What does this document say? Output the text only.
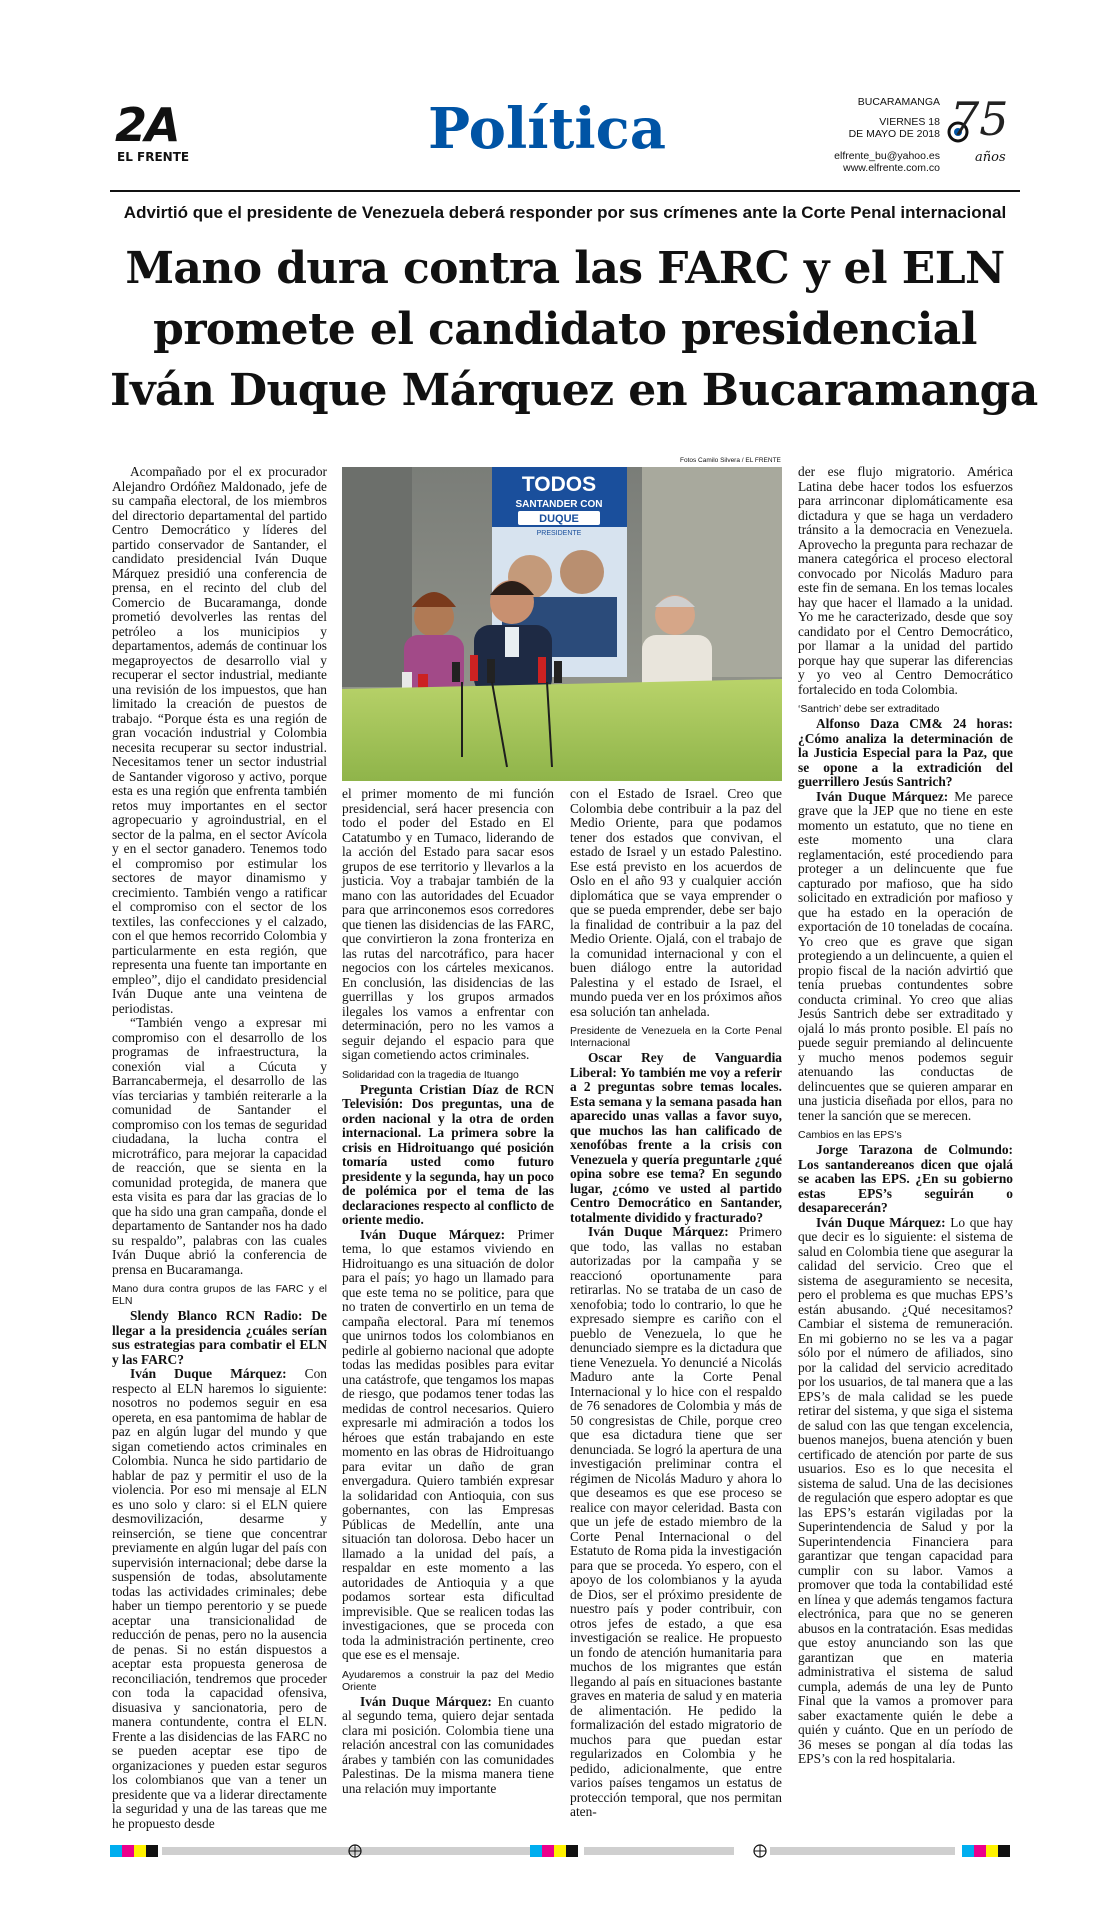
2A
EL FRENTE	Política	BUCARAMANGA
VIERNES 18
DE MAYO DE 2018
elfrente_bu@yahoo.es
www.elfrente.com.co
75
años
Advirtió que el presidente de Venezuela deberá responder por sus crímenes ante la Corte Penal internacional
Mano dura contra las FARC y el ELN
promete el candidato presidencial
Iván Duque Márquez en Bucaramanga
Fotos Camilo Silvera / EL FRENTE
TODOS
SANTANDER CON
DUQUE
PRESIDENTE

Acompañado por el ex procurador Alejandro Ordóñez Maldonado, jefe de su campaña electoral, de los miembros del directorio departamental del partido Centro Democrático y líderes del partido conservador de Santander, el candidato presidencial Iván Duque Márquez presidió una conferencia de prensa, en el recinto del club del Comercio de Bucaramanga, donde prometió devolverles las rentas del petróleo a los municipios y departamentos, además de continuar los megaproyectos de desarrollo vial y recuperar el sector industrial, mediante una revisión de los impuestos, que han limitado la creación de puestos de trabajo. “Porque ésta es una región de gran vocación industrial y Colombia necesita recuperar su sector industrial. Necesitamos tener un sector industrial de Santander vigoroso y activo, porque esta es una región que enfrenta también retos muy importantes en el sector agropecuario y agroindustrial, en el sector de la palma, en el sector Avícola y en el sector ganadero. Tenemos todo el compromiso por estimular los sectores de mayor dinamismo y crecimiento. También vengo a ratificar el compromiso con el sector de los textiles, las confecciones y el calzado, con el que hemos recorrido Colombia y particularmente en esta región, que representa una fuente tan importante en empleo”, dijo el candidato presidencial Iván Duque ante una veintena de periodistas.

“También vengo a expresar mi compromiso con el desarrollo de los programas de infraestructura, la conexión vial a Cúcuta y Barrancabermeja, el desarrollo de las vías terciarias y también reiterarle a la comunidad de Santander el compromiso con los temas de seguridad ciudadana, la lucha contra el microtráfico, para mejorar la capacidad de reacción, que se sienta en la comunidad protegida, de manera que esta visita es para dar las gracias de lo que ha sido una gran campaña, donde el departamento de Santander nos ha dado su respaldo”, palabras con las cuales Iván Duque abrió la conferencia de prensa en Bucaramanga.

Mano dura contra grupos de las FARC y el ELN

Slendy Blanco RCN Radio: De llegar a la presidencia ¿cuáles serían sus estrategias para combatir el ELN y las FARC?

Iván Duque Márquez: Con respecto al ELN haremos lo siguiente: nosotros no podemos seguir en esa opereta, en esa pantomima de hablar de paz en algún lugar del mundo y que sigan cometiendo actos criminales en Colombia. Nunca he sido partidario de hablar de paz y permitir el uso de la violencia. Por eso mi mensaje al ELN es uno solo y claro: si el ELN quiere desmovilización, desarme y reinserción, se tiene que concentrar previamente en algún lugar del país con supervisión internacional; debe darse la suspensión de todas, absolutamente todas las actividades criminales; debe haber un tiempo perentorio y se puede aceptar una transicionalidad de reducción de penas, pero no la ausencia de penas. Si no están dispuestos a aceptar esta propuesta generosa de reconciliación, tendremos que proceder con toda la capacidad ofensiva, disuasiva y sancionatoria, pero de manera contundente, contra el ELN. Frente a las disidencias de las FARC no se pueden aceptar ese tipo de organizaciones y pueden estar seguros los colombianos que van a tener un presidente que va a liderar directamente la seguridad y una de las tareas que me he propuesto desde

el primer momento de mi función presidencial, será hacer presencia con todo el poder del Estado en El Catatumbo y en Tumaco, liderando de la acción del Estado para sacar esos grupos de ese territorio y llevarlos a la justicia. Voy a trabajar también de la mano con las autoridades del Ecuador para que arrinconemos esos corredores que tienen las disidencias de las FARC, que convirtieron la zona fronteriza en las rutas del narcotráfico, para hacer negocios con los cárteles mexicanos. En conclusión, las disidencias de las guerrillas y los grupos armados ilegales los vamos a enfrentar con determinación, pero no les vamos a seguir dejando el espacio para que sigan cometiendo actos criminales.

Solidaridad con la tragedia de Ituango

Pregunta Cristian Díaz de RCN Televisión: Dos preguntas, una de orden nacional y la otra de orden internacional. La primera sobre la crisis en Hidroituango qué posición tomaría usted como futuro presidente y la segunda, hay un poco de polémica por el tema de las declaraciones respecto al conflicto de oriente medio.

Iván Duque Márquez: Primer tema, lo que estamos viviendo en Hidroituango es una situación de dolor para el país; yo hago un llamado para que este tema no se politice, para que no traten de convertirlo en un tema de campaña electoral. Para mí tenemos que unirnos todos los colombianos en pedirle al gobierno nacional que adopte todas las medidas posibles para evitar una catástrofe, que tengamos los mapas de riesgo, que podamos tener todas las medidas de control necesarios. Quiero expresarle mi admiración a todos los héroes que están trabajando en este momento en las obras de Hidroituango para evitar un daño de gran envergadura. Quiero también expresar la solidaridad con Antioquia, con sus gobernantes, con las Empresas Públicas de Medellín, ante una situación tan dolorosa. Debo hacer un llamado a la unidad del país, a respaldar en este momento a las autoridades de Antioquia y a que podamos sortear esta dificultad imprevisible. Que se realicen todas las investigaciones, que se proceda con toda la administración pertinente, creo que ese es el mensaje.

Ayudaremos a construir la paz del Medio Oriente

Iván Duque Márquez: En cuanto al segundo tema, quiero dejar sentada clara mi posición. Colombia tiene una relación ancestral con las comunidades árabes y también con las comunidades Palestinas. De la misma manera tiene una relación muy importante

con el Estado de Israel. Creo que Colombia debe contribuir a la paz del Medio Oriente, para que podamos tener dos estados que convivan, el estado de Israel y un estado Palestino. Ese está previsto en los acuerdos de Oslo en el año 93 y cualquier acción diplomática que se vaya emprender o que se pueda emprender, debe ser bajo la finalidad de contribuir a la paz del Medio Oriente. Ojalá, con el trabajo de la comunidad internacional y con el buen diálogo entre la autoridad Palestina y el estado de Israel, el mundo pueda ver en los próximos años esa solución tan anhelada.

Presidente de Venezuela en la Corte Penal Internacional

Oscar Rey de Vanguardia Liberal: Yo también me voy a referir a 2 preguntas sobre temas locales. Esta semana y la semana pasada han aparecido unas vallas a favor suyo, que muchos las han calificado de xenofóbas frente a la crisis con Venezuela y quería preguntarle ¿qué opina sobre ese tema? En segundo lugar, ¿cómo ve usted al partido Centro Democrático en Santander, totalmente dividido y fracturado?

Iván Duque Márquez: Primero que todo, las vallas no estaban autorizadas por la campaña y se reaccionó oportunamente para retirarlas. No se trataba de un caso de xenofobia; todo lo contrario, lo que he expresado siempre es cariño con el pueblo de Venezuela, lo que he denunciado siempre es la dictadura que tiene Venezuela. Yo denuncié a Nicolás Maduro ante la Corte Penal Internacional y lo hice con el respaldo de 76 senadores de Colombia y más de 50 congresistas de Chile, porque creo que esa dictadura tiene que ser denunciada. Se logró la apertura de una investigación preliminar contra el régimen de Nicolás Maduro y ahora lo que deseamos es que ese proceso se realice con mayor celeridad. Basta con que un jefe de estado miembro de la Corte Penal Internacional o del Estatuto de Roma pida la investigación para que se proceda. Yo espero, con el apoyo de los colombianos y la ayuda de Dios, ser el próximo presidente de nuestro país y poder contribuir, con otros jefes de estado, a que esa investigación se realice. He propuesto un fondo de atención humanitaria para muchos de los migrantes que están llegando al país en situaciones bastante graves en materia de salud y en materia de alimentación. He pedido la formalización del estado migratorio de muchos para que puedan estar regularizados en Colombia y he pedido, adicionalmente, que entre varios países tengamos un estatus de protección temporal, que nos permitan aten-

der ese flujo migratorio. América Latina debe hacer todos los esfuerzos para arrinconar diplomáticamente esa dictadura y que se haga un verdadero tránsito a la democracia en Venezuela. Aprovecho la pregunta para rechazar de manera categórica el proceso electoral convocado por Nicolás Maduro para este fin de semana. En los temas locales hay que hacer el llamado a la unidad. Yo me he caracterizado, desde que soy candidato por el Centro Democrático, por llamar a la unidad del partido porque hay que superar las diferencias y yo veo al Centro Democrático fortalecido en toda Colombia.

‘Santrich’ debe ser extraditado

Alfonso Daza CM& 24 horas: ¿Cómo analiza la determinación de la Justicia Especial para la Paz, que se opone a la extradición del guerrillero Jesús Santrich?

Iván Duque Márquez: Me parece grave que la JEP que no tiene en este momento un estatuto, que no tiene en este momento una clara reglamentación, esté procediendo para proteger a un delincuente que fue capturado por mafioso, que ha sido solicitado en extradición por mafioso y que ha estado en la operación de exportación de 10 toneladas de cocaína. Yo creo que es grave que sigan protegiendo a un delincuente, a quien el propio fiscal de la nación advirtió que tenía pruebas contundentes sobre conducta criminal. Yo creo que alias Jesús Santrich debe ser extraditado y ojalá lo más pronto posible. El país no puede seguir premiando al delincuente y mucho menos podemos seguir atenuando las conductas de delincuentes que se quieren amparar en una justicia diseñada por ellos, para no tener la sanción que se merecen.

Cambios en las EPS’s

Jorge Tarazona de Colmundo: Los santandereanos dicen que ojalá se acaben las EPS. ¿En su gobierno estas EPS’s seguirán o desaparecerán?

Iván Duque Márquez: Lo que hay que decir es lo siguiente: el sistema de salud en Colombia tiene que asegurar la calidad del servicio. Creo que el sistema de aseguramiento se necesita, pero el problema es que muchas EPS’s están abusando. ¿Qué necesitamos? Cambiar el sistema de remuneración. En mi gobierno no se les va a pagar sólo por el número de afiliados, sino por la calidad del servicio acreditado por los usuarios, de tal manera que a las EPS’s de mala calidad se les puede retirar del sistema, y que siga el sistema de salud con las que tengan excelencia, buenos manejos, buena atención y buen certificado de atención por parte de sus usuarios. Eso es lo que necesita el sistema de salud. Una de las decisiones de regulación que espero adoptar es que las EPS’s estarán vigiladas por la Superintendencia de Salud y por la Superintendencia Financiera para garantizar que tengan capacidad para cumplir con su labor. Vamos a promover que toda la contabilidad esté en línea y que además tengamos factura electrónica, para que no se generen abusos en la contratación. Esas medidas que estoy anunciando son las que garantizan que en materia administrativa el sistema de salud cumpla, además de una ley de Punto Final que la vamos a promover para saber exactamente quién le debe a quién y cuánto. Que en un período de 36 meses se pongan al día todas las EPS’s con la red hospitalaria.
